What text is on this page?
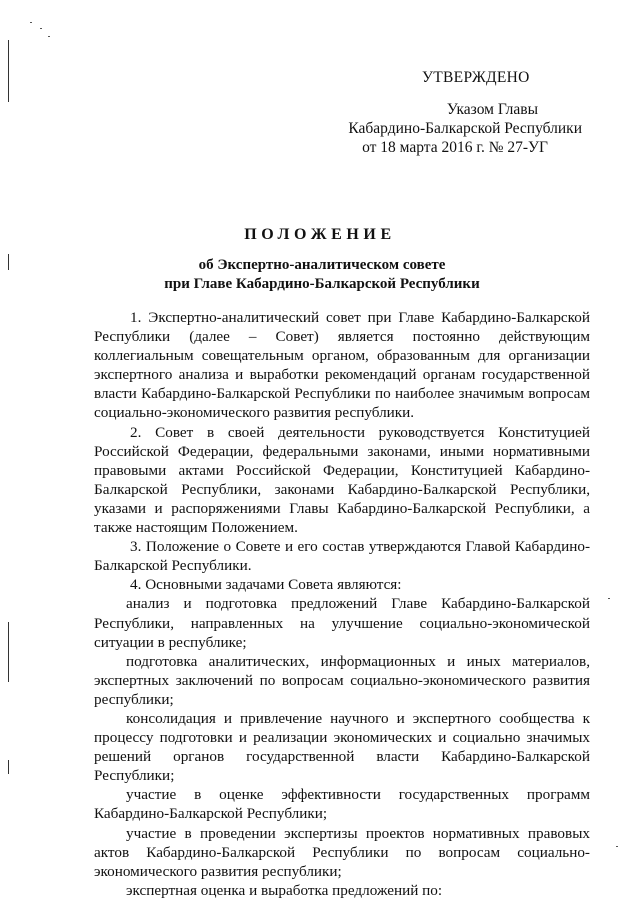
УТВЕРЖДЕНО
Указом Главы
Кабардино-Балкарской Республики
от 18 марта 2016 г. № 27-УГ
ПОЛОЖЕНИЕ
об Экспертно-аналитическом совете
при Главе Кабардино-Балкарской Республики

1. Экспертно-аналитический совет при Главе Кабардино-Балкарской Республики (далее – Совет) является постоянно действующим коллегиальным совещательным органом, образованным для организации экспертного анализа и выработки рекомендаций органам государственной власти Кабардино-Балкарской Республики по наиболее значимым вопросам социально-экономического развития республики.

2. Совет в своей деятельности руководствуется Конституцией Российской Федерации, федеральными законами, иными нормативными правовыми актами Российской Федерации, Конституцией Кабардино-Балкарской Республики, законами Кабардино-Балкарской Республики, указами и распоряжениями Главы Кабардино-Балкарской Республики, а также настоящим Положением.

3. Положение о Совете и его состав утверждаются Главой Кабардино-Балкарской Республики.

4. Основными задачами Совета являются:

анализ и подготовка предложений Главе Кабардино-Балкарской Республики, направленных на улучшение социально-экономической ситуации в республике;

подготовка аналитических, информационных и иных материалов, экспертных заключений по вопросам социально-экономического развития республики;

консолидация и привлечение научного и экспертного сообщества к процессу подготовки и реализации экономических и социально значимых решений органов государственной власти Кабардино-Балкарской Республики;

участие в оценке эффективности государственных программ Кабардино-Балкарской Республики;

участие в проведении экспертизы проектов нормативных правовых актов Кабардино-Балкарской Республики по вопросам социально-экономического развития республики;

экспертная оценка и выработка предложений по:
